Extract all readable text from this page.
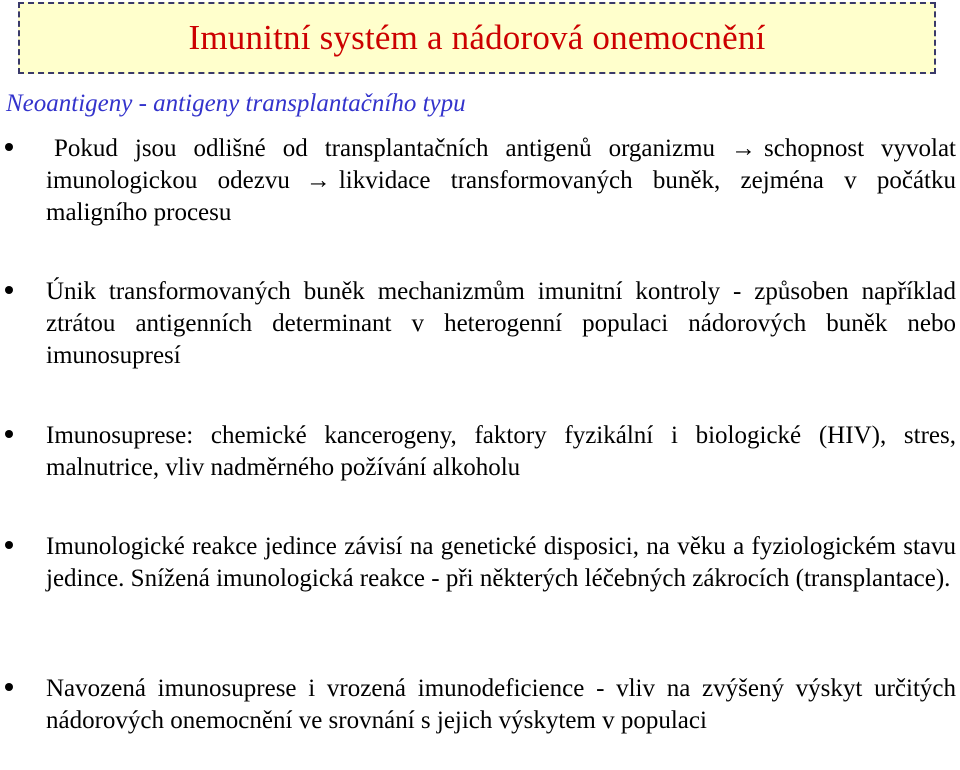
Imunitní systém a nádorová onemocnění

Neoantigeny - antigeny transplantačního typu

Pokud jsou odlišné od transplantačních antigenů organizmu → schopnost vyvolat imunologickou odezvu → likvidace transformovaných buněk, zejména v počátku maligního procesu

Únik transformovaných buněk mechanizmům imunitní kontroly - způsoben například ztrátou antigenních determinant v heterogenní populaci nádorových buněk nebo imunosupresí

Imunosuprese: chemické kancerogeny, faktory fyzikální i biologické (HIV), stres, malnutrice, vliv nadměrného požívání alkoholu

Imunologické reakce jedince závisí na genetické disposici, na věku a fyziologickém stavu jedince. Snížená imunologická reakce - při některých léčebných zákrocích (transplantace).

Navozená imunosuprese i vrozená imunodeficience - vliv na zvýšený výskyt určitých nádorových onemocnění ve srovnání s jejich výskytem v populaci
